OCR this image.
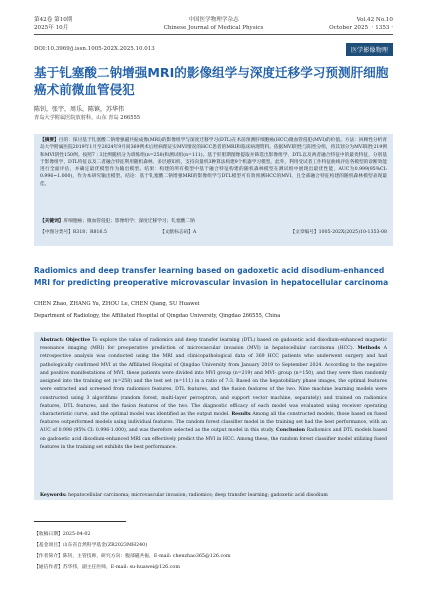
第42卷 第10期	中国医学物理学杂志	Vol.42 No.10
2025年 10月	Chinese Journal of Medical Physics	October 2025 · 1353 ·
DOI:10.3969/j.issn.1005-202X.2025.10.013	医学影像物理
基于钆塞酸二钠增强MRI的影像组学与深度迁移学习预测肝细胞癌术前微血管侵犯
陈钊，张宇，周乐，陈镇，苏华伟
青岛大学附属医院放射科，山东 青岛 266555

【摘要】目的：探讨基于钆塞酸二钠增强磁共振成像(MRI)的影像组学与深度迁移学习(DTL)在术前预测肝细胞癌(HCC)微血管侵犯(MVI)的价值。方法：回顾性分析青岛大学附属医院2019年1月至2024年9月间369例术后经病理证实MVI情况的HCC患者的MRI和临床病理资料。依据MVI阴性与阳性分组，将其划分为MVI阳性219例和MVI阴性150例。按照7∶3比例随机分为训练组(n=258)和测试组(n=111)。基于肝胆期图像提取并筛选出影像组学、DTL以及两者融合特征中的最优特征，分别基于影像组学、DTL特征以及二者融合特征利用随机森林、多层感知机、支持向量机3种算法构建9个机器学习模型。此外，利用受试者工作特征曲线评估各模型的诊断效能进行全面评估，并确定最优模型作为输出模型。结果：构建的所有模型中基于融合特征构建的随机森林模型在测试组中展现出最优性能，AUC为0.999(95%CI: 0.996~1.000)，作为本研究输出模型。结论：基于钆塞酸二钠增强MRI的影像组学与DTL模型可有效预测HCC的MVI，且全部融合特征构建的随机森林模型表现最佳。

【关键词】肝细胞癌；微血管侵犯；影像组学；深度迁移学习；钆塞酸二钠
【中图分类号】R318；R816.5	【文献标志码】A	【文章编号】1005-202X(2025)10-1353-08
Radiomics and deep transfer learning based on gadoxetic acid disodium-enhanced MRI for predicting preoperative microvascular invasion in hepatocellular carcinoma
CHEN Zhao, ZHANG Yu, ZHOU Le, CHEN Qiang, SU Huawei
Department of Radiology, the Affiliated Hospital of Qingdao University, Qingdao 266555, China

Abstract: Objective To explore the value of radiomics and deep transfer learning (DTL) based on gadoxetic acid disodium-enhanced magnetic resonance imaging (MRI) for preoperative prediction of microvascular invasion (MVI) in hepatocellular carcinoma (HCC). Methods A retrospective analysis was conducted using the MRI and clinicopathological data of 369 HCC patients who underwent surgery and had pathologically confirmed MVI at the Affiliated Hospital of Qingdao University from January 2019 to September 2024. According to the negative and positive manifestations of MVI, these patients were divided into MVI group (n=219) and MVI- group (n=150), and they were then randomly assigned into the training set (n=258) and the test set (n=111) in a ratio of 7:3. Based on the hepatobiliary phase images, the optimal features were extracted and screened from radiomics features, DTL features, and the fusion features of the two. Nine machine learning models were constructed using 3 algorithms (random forest, multi-layer perceptron, and support vector machine, separately) and trained on radiomics features, DTL features, and the fusion features of the two. The diagnostic efficacy of each model was evaluated using receiver operating characteristic curve, and the optimal model was identified as the output model. Results Among all the constructed models, those based on fused features outperformed models using individual features. The random forest classifier model in the training set had the best performance, with an AUC of 0.998 (95% CI: 0.996-1.000), and was therefore selected as the output model in this study. Conclusion Radiomics and DTL models based on gadoxetic acid disodium-enhanced MRI can effectively predict the MVI in HCC. Among these, the random forest classifier model utilizing fused features in the training set exhibits the best performance.

Keywords: hepatocellular carcinoma; microvascular invasion; radiomics; deep transfer learning; gadoxetic acid disodium
【收稿日期】2025-04-02
【基金项目】山东省自然科学基金(ZR2023MH240)
【作者简介】陈钊，主管技师，研究方向：腹部磁共振，E-mail: chenzhao365@126.com
【通信作者】苏华伟，副主任医师，E-mail: su-huawei@126.com
